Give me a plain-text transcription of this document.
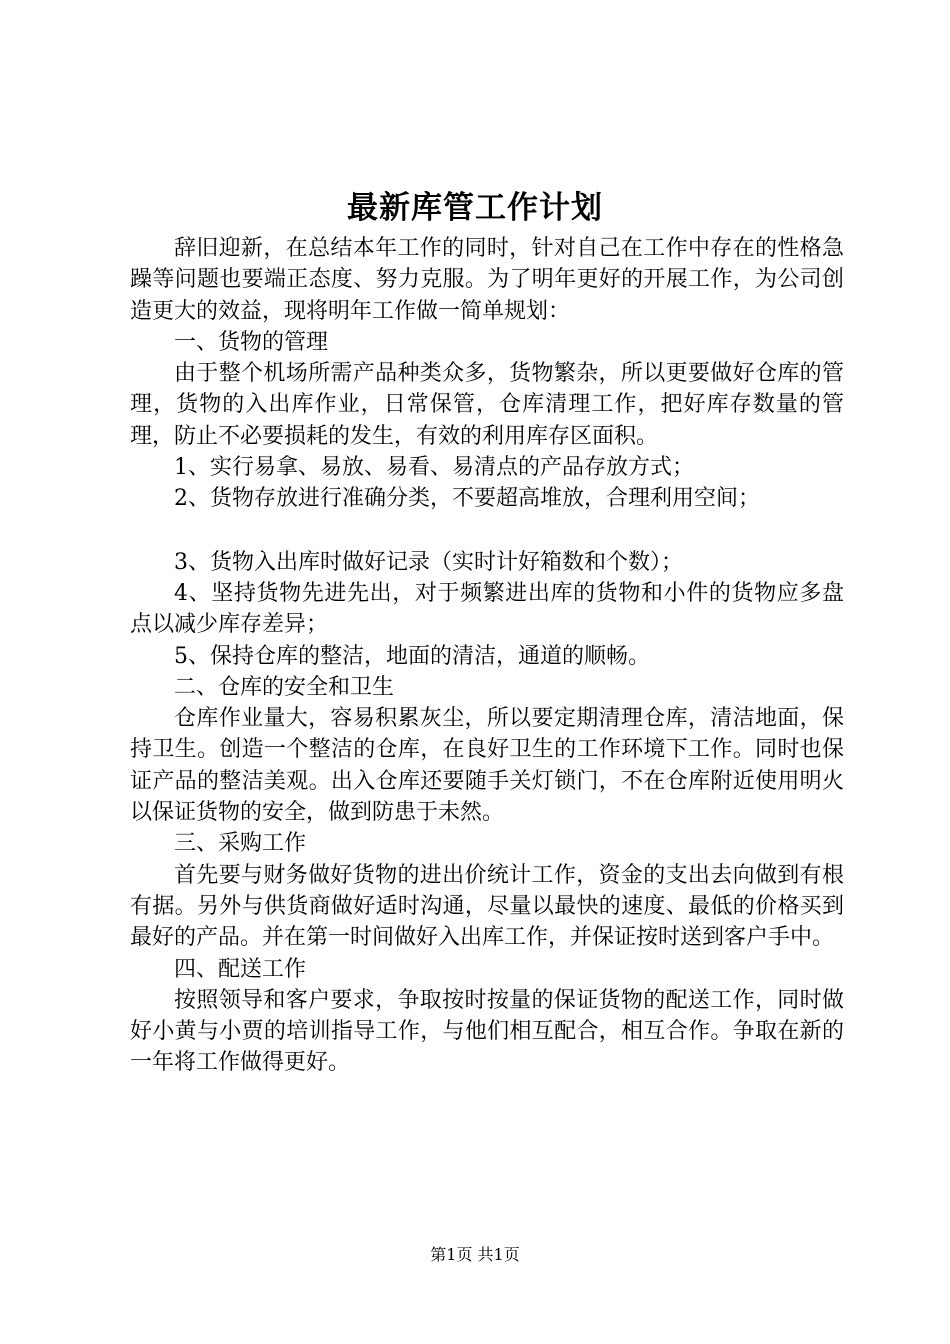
最新库管工作计划

辞旧迎新，在总结本年工作的同时，针对自己在工作中存在的性格急躁等问题也要端正态度、努力克服。为了明年更好的开展工作，为公司创造更大的效益，现将明年工作做一简单规划：

一、货物的管理

由于整个机场所需产品种类众多，货物繁杂，所以更要做好仓库的管理，货物的入出库作业，日常保管，仓库清理工作，把好库存数量的管理，防止不必要损耗的发生，有效的利用库存区面积。

1、实行易拿、易放、易看、易清点的产品存放方式；

2、货物存放进行准确分类，不要超高堆放，合理利用空间；

3、货物入出库时做好记录（实时计好箱数和个数）；

4、坚持货物先进先出，对于频繁进出库的货物和小件的货物应多盘点以减少库存差异；

5、保持仓库的整洁，地面的清洁，通道的顺畅。

二、仓库的安全和卫生

仓库作业量大，容易积累灰尘，所以要定期清理仓库，清洁地面，保持卫生。创造一个整洁的仓库，在良好卫生的工作环境下工作。同时也保证产品的整洁美观。出入仓库还要随手关灯锁门，不在仓库附近使用明火以保证货物的安全，做到防患于未然。

三、采购工作

首先要与财务做好货物的进出价统计工作，资金的支出去向做到有根有据。另外与供货商做好适时沟通，尽量以最快的速度、最低的价格买到最好的产品。并在第一时间做好入出库工作，并保证按时送到客户手中。

四、配送工作

按照领导和客户要求，争取按时按量的保证货物的配送工作，同时做好小黄与小贾的培训指导工作，与他们相互配合，相互合作。争取在新的一年将工作做得更好。

第1页 共1页
